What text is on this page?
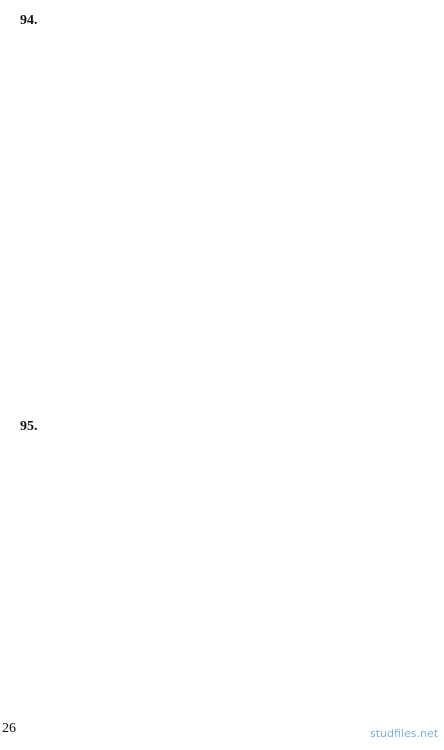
94.
95.
26	studfiles.net
